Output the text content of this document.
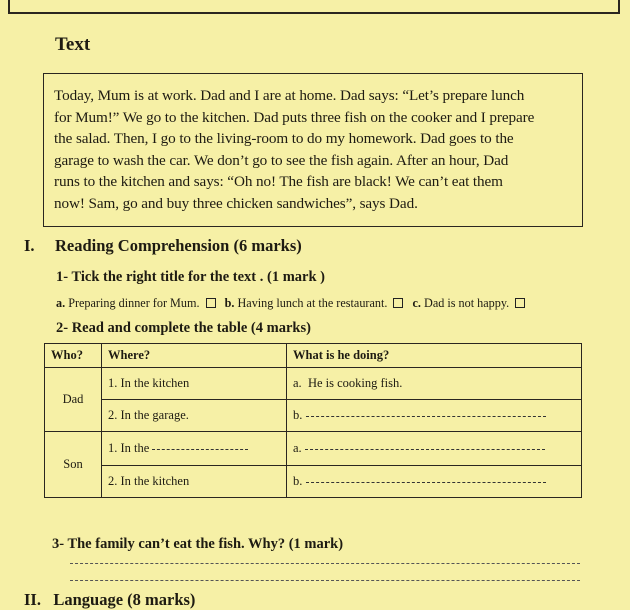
Text
Today, Mum is at work. Dad and I are at home. Dad says: “Let’s prepare lunch
for Mum!” We go to the kitchen. Dad puts three fish on the cooker and I prepare
the salad. Then, I go to the living-room to do my homework. Dad goes to the
garage to wash the car. We don’t go to see the fish again. After an hour, Dad
runs to the kitchen and says: “Oh no! The fish are black! We can’t eat them
now! Sam, go and buy three chicken sandwiches”, says Dad.
I. Reading Comprehension (6 marks)
1- Tick the right title for the text . (1 mark )
a. Preparing dinner for Mum. b. Having lunch at the restaurant. c. Dad is not happy.
2- Read and complete the table (4 marks)
Who?	Where?	What is he doing?
Dad	1. In the kitchen	a. He is cooking fish.
	2. In the garage.	b.
Son	1. In the	a.
	2. In the kitchen	b.
3- The family can’t eat the fish. Why? (1 mark)
II. Language (8 marks)
